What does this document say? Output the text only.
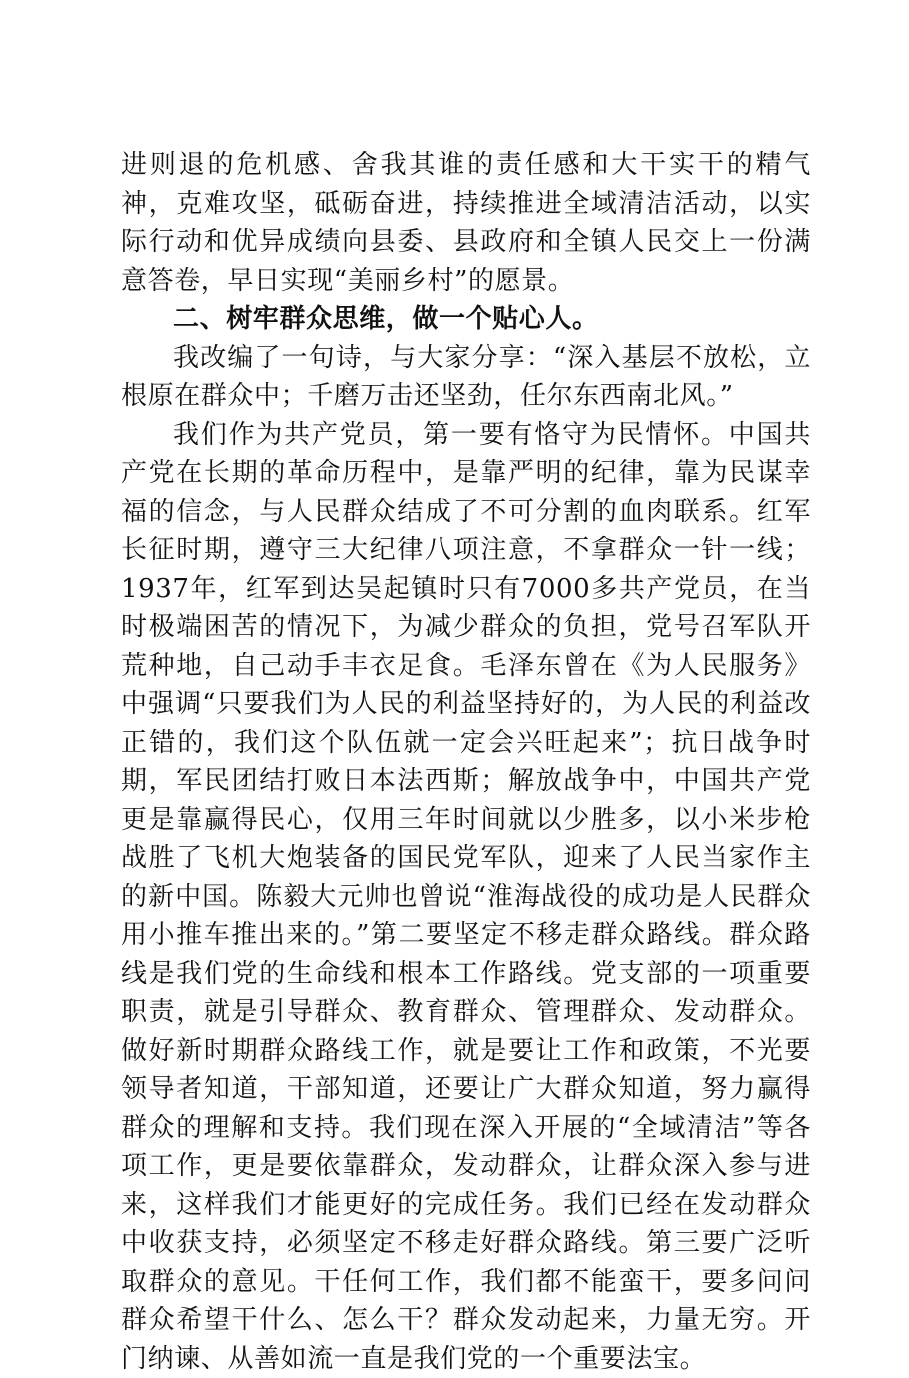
进则退的危机感、舍我其谁的责任感和大干实干的精气神，克难攻坚，砥砺奋进，持续推进全域清洁活动，以实际行动和优异成绩向县委、县政府和全镇人民交上一份满意答卷，早日实现“美丽乡村”的愿景。

二、树牢群众思维，做一个贴心人。

我改编了一句诗，与大家分享：“深入基层不放松，立根原在群众中；千磨万击还坚劲，任尔东西南北风。”

我们作为共产党员，第一要有恪守为民情怀。中国共产党在长期的革命历程中，是靠严明的纪律，靠为民谋幸福的信念，与人民群众结成了不可分割的血肉联系。红军长征时期，遵守三大纪律八项注意，不拿群众一针一线；1937年，红军到达吴起镇时只有7000多共产党员，在当时极端困苦的情况下，为减少群众的负担，党号召军队开荒种地，自己动手丰衣足食。毛泽东曾在《为人民服务》中强调“只要我们为人民的利益坚持好的，为人民的利益改正错的，我们这个队伍就一定会兴旺起来”；抗日战争时期，军民团结打败日本法西斯；解放战争中，中国共产党更是靠赢得民心，仅用三年时间就以少胜多，以小米步枪战胜了飞机大炮装备的国民党军队，迎来了人民当家作主的新中国。陈毅大元帅也曾说“淮海战役的成功是人民群众用小推车推出来的。”第二要坚定不移走群众路线。群众路线是我们党的生命线和根本工作路线。党支部的一项重要职责，就是引导群众、教育群众、管理群众、发动群众。做好新时期群众路线工作，就是要让工作和政策，不光要领导者知道，干部知道，还要让广大群众知道，努力赢得群众的理解和支持。我们现在深入开展的“全域清洁”等各项工作，更是要依靠群众，发动群众，让群众深入参与进来，这样我们才能更好的完成任务。我们已经在发动群众中收获支持，必须坚定不移走好群众路线。第三要广泛听取群众的意见。干任何工作，我们都不能蛮干，要多问问群众希望干什么、怎么干？群众发动起来，力量无穷。开门纳谏、从善如流一直是我们党的一个重要法宝。
